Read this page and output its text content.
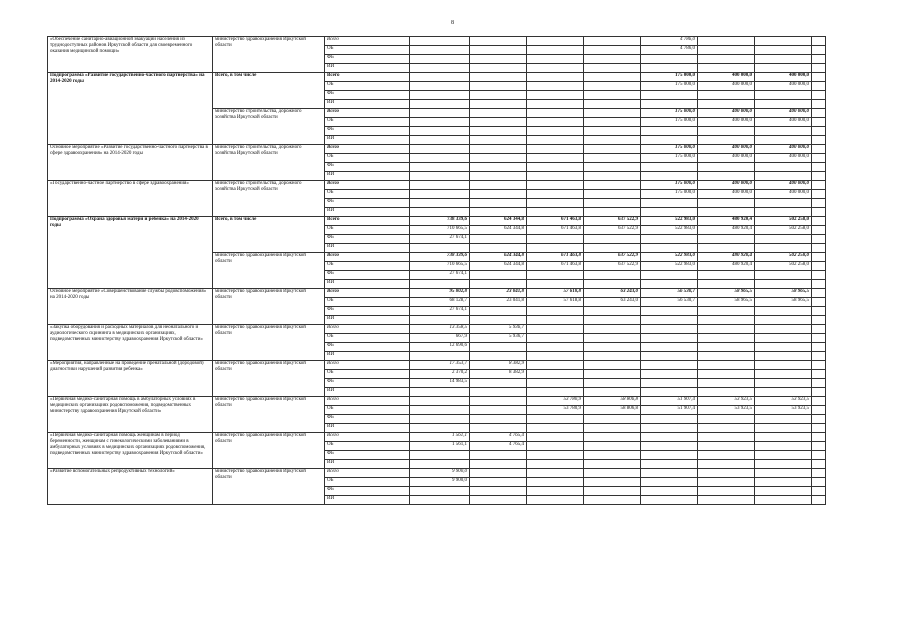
8
«Обеспечение санитарно-авиационной эвакуации населения из труднодоступных районов Иркутской области для своевременного оказания медицинской помощи»	министерство здравоохранения Иркутской области	Всего					4 786,0			
		ОБ					4 786,0			
		ФБ								
		ИИ								
Подпрограмма «Развитие государственно-частного партнерства» на 2014-2020 годы	Всего, в том числе	Всего					175 000,0	400 000,0	400 000,0	
		ОБ					175 000,0	400 000,0	400 000,0	
		ФБ								
		ИИ								
	министерство строительства, дорожного хозяйства Иркутской области	Всего					175 000,0	400 000,0	400 000,0	
		ОБ					175 000,0	400 000,0	400 000,0	
		ФБ								
		ИИ								
Основное мероприятие «Развитие государственно-частного партнерства в сфере здравоохранения» на 2014-2020 годы	министерство строительства, дорожного хозяйства Иркутской области	Всего					175 000,0	400 000,0	400 000,0	
		ОБ					175 000,0	400 000,0	400 000,0	
		ФБ								
		ИИ								
«Государственно-частное партнерство в сфере здравоохранения»	министерство строительства, дорожного хозяйства Иркутской области	Всего					175 000,0	400 000,0	400 000,0	
		ОБ					175 000,0	400 000,0	400 000,0	
		ФБ								
		ИИ								
Подпрограмма «Охрана здоровья матери и ребенка» на 2014-2020 годы	Всего, в том числе	Всего	738 339,6	624 344,8	671 463,8	637 522,9	522 983,0	480 920,4	502 258,0	
		ОБ	710 665,5	624 344,8	671 463,8	637 522,9	522 983,0	480 920,4	502 258,0	
		ФБ	27 674,1							
		ИИ								
	министерство здравоохранения Иркутской области	Всего	738 339,6	624 344,8	671 463,8	637 522,9	522 983,0	480 920,4	502 258,0	
		ОБ	710 665,5	624 344,8	671 463,8	637 522,9	522 983,0	480 920,4	502 258,0	
		ФБ	27 674,1							
		ИИ								
Основное мероприятие «Совершенствование службы родовспоможения» на 2014-2020 годы	министерство здравоохранения Иркутской области	Всего	95 802,8	23 041,8	57 618,8	63 243,0	56 530,7	58 965,5	58 965,5	
		ОБ	68 128,7	23 041,8	57 618,8	63 243,0	56 530,7	58 965,5	58 965,5	
		ФБ	27 674,1							
		ИИ								
«Закупка оборудования и расходных материалов для неонатального и аудиологического скрининга в медицинских организациях, подведомственных министерству здравоохранения Иркутской области»	министерство здравоохранения Иркутской области	Всего	13 358,5	5 936,7						
		ОБ	667,9	5 936,7						
		ФБ	12 690,6							
		ИИ								
«Мероприятия, направленные на проведение пренатальной (дородовой) диагностики нарушений развития ребенка»	министерство здравоохранения Иркутской области	Всего	17 353,7	8 382,9						
		ОБ	2 370,2	8 382,9						
		ФБ	14 983,5							
		ИИ								
«Первичная медико-санитарная помощь в амбулаторных условиях в медицинских организациях родовспоможения, подведомственных министерству здравоохранения Иркутской области»	министерство здравоохранения Иркутской области	Всего			53 780,9	58 806,8	51 907,4	53 923,5	53 923,5	
		ОБ			53 780,9	58 806,8	51 907,4	53 923,5	53 923,5	
		ФБ								
		ИИ								
«Первичная медико-санитарная помощь женщинам в период беременности, женщинам с гинекологическими заболеваниями в амбулаторных условиях в медицинских организациях родовспоможения, подведомственных министерству здравоохранения Иркутской области»	министерство здравоохранения Иркутской области	Всего	1 561,1	4 765,4						
		ОБ	1 561,1	4 765,4						
		ФБ								
		ИИ								
«Развитие вспомогательных репродуктивных технологий»	министерство здравоохранения Иркутской области	Всего	9 900,0							
		ОБ	9 900,0							
		ФБ								
		ИИ								
